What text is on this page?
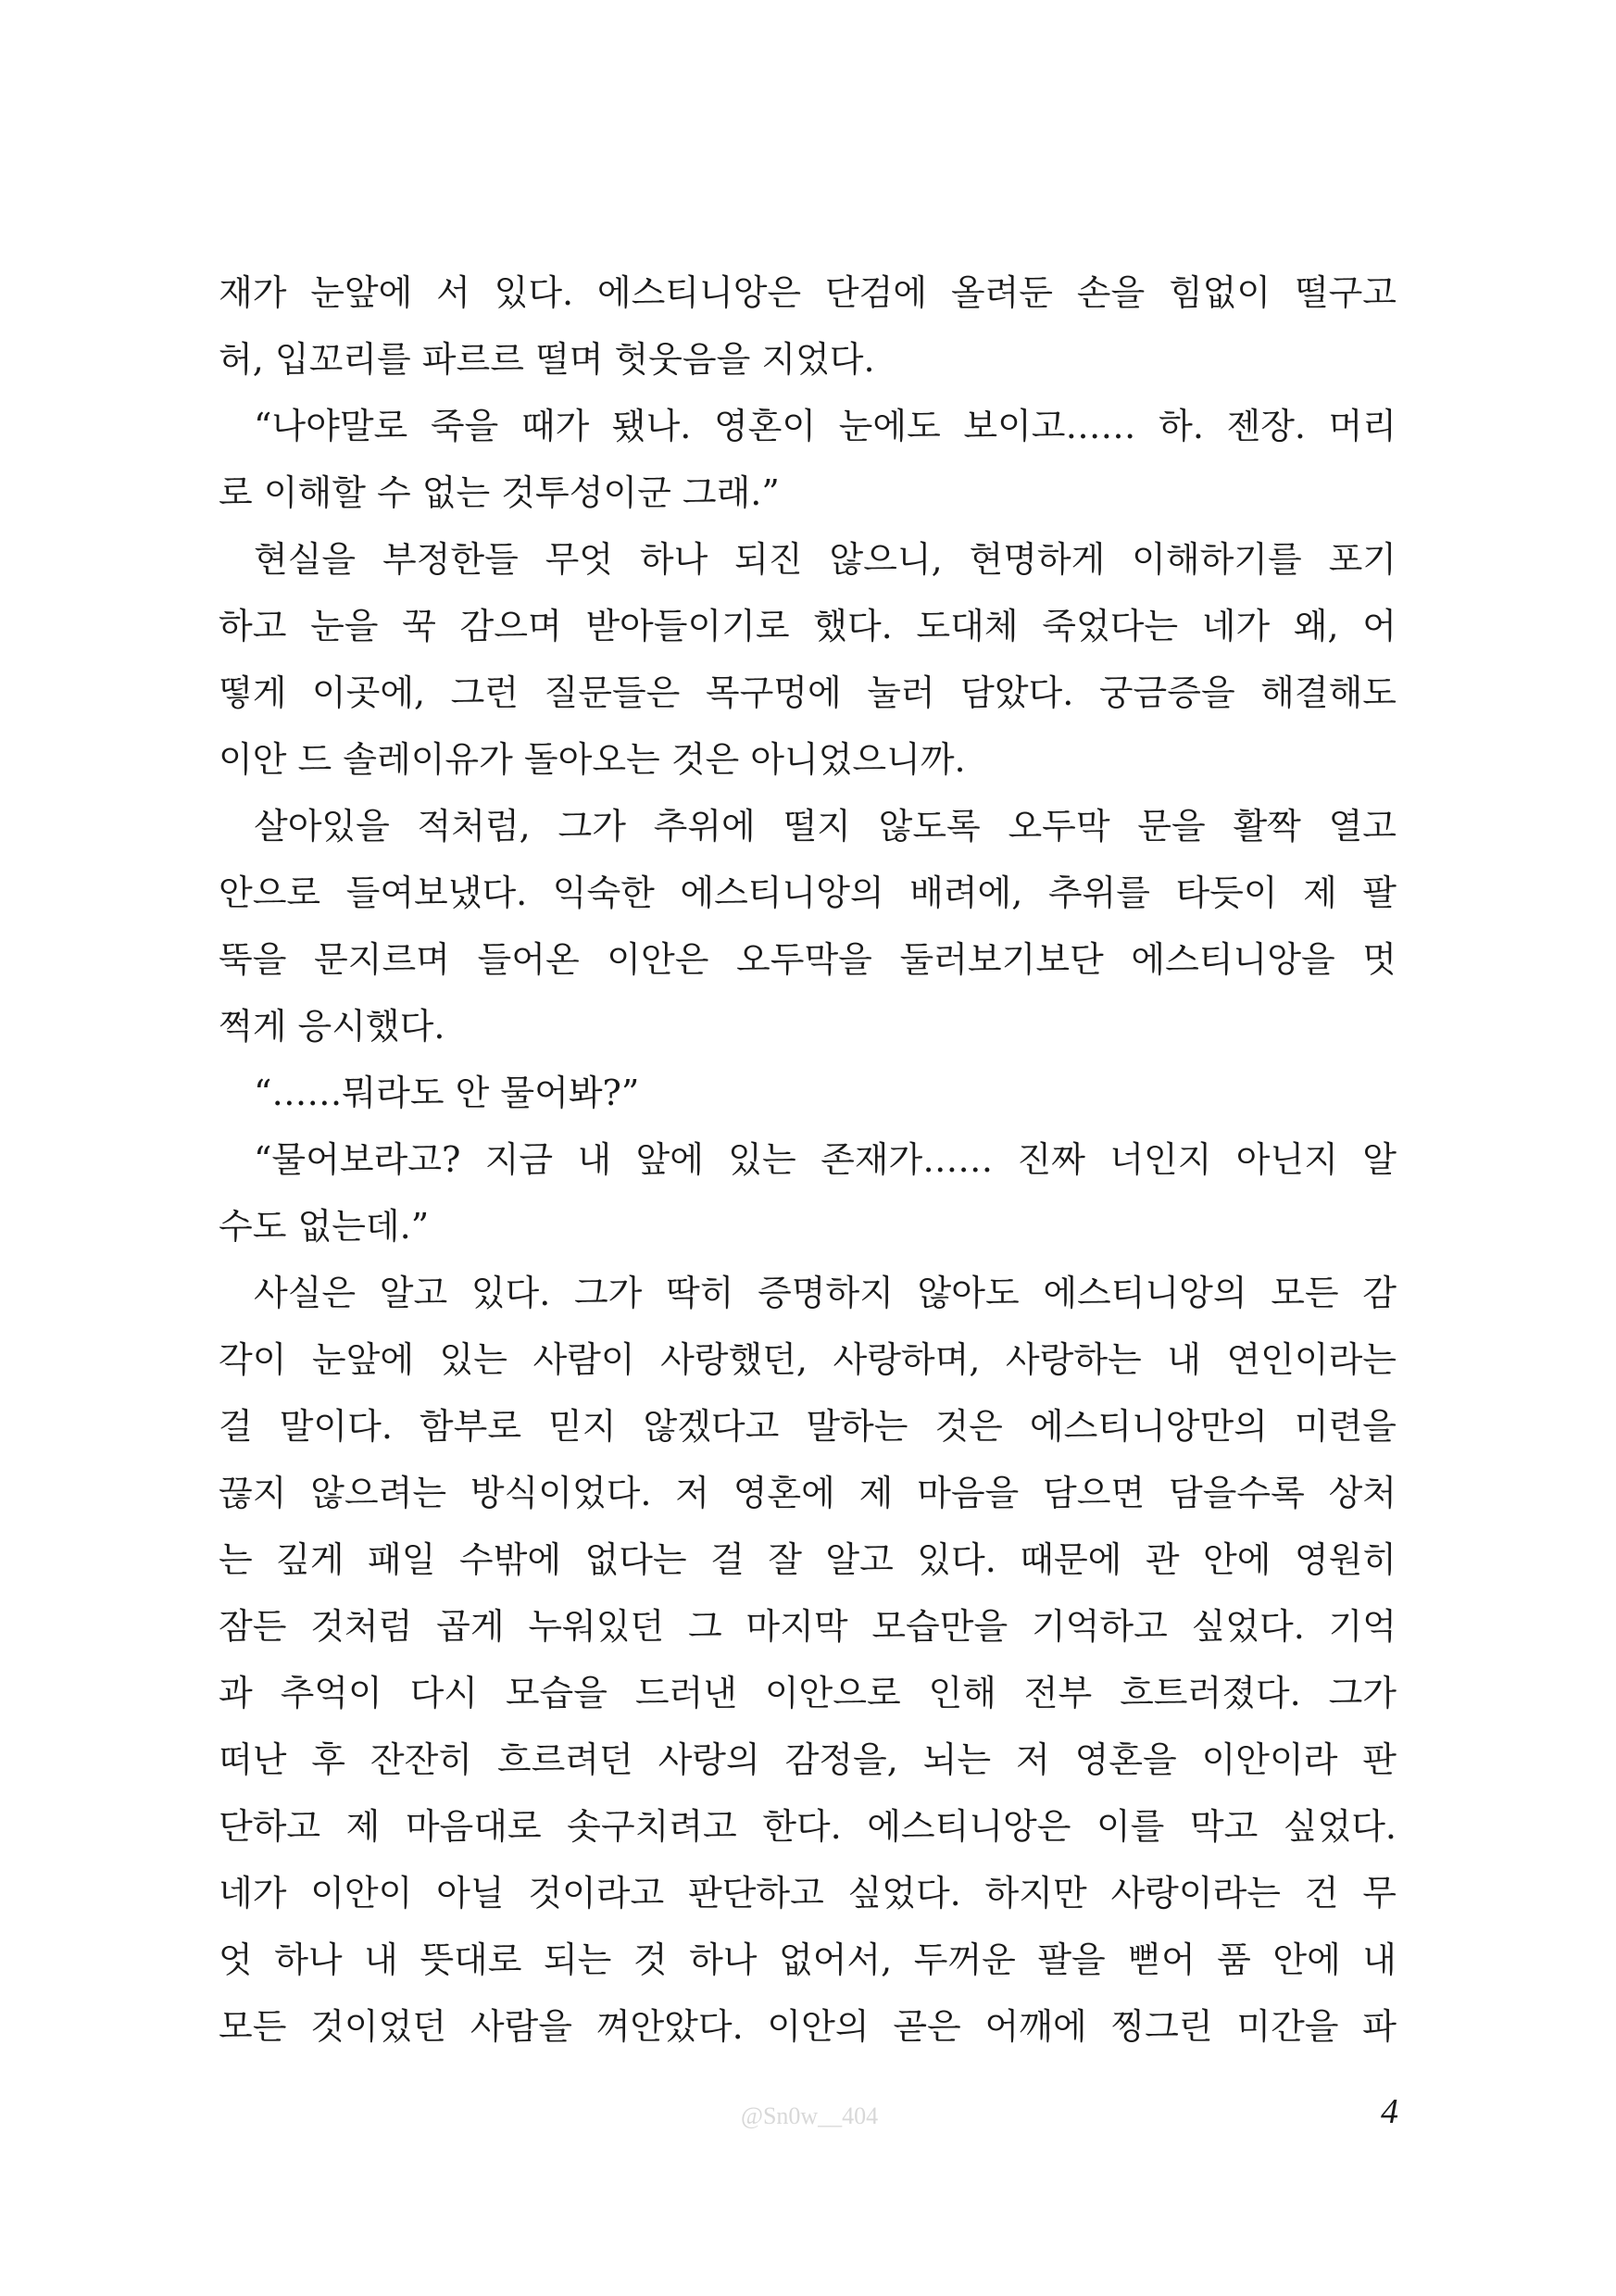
재가 눈앞에 서 있다. 에스티니앙은 단검에 올려둔 손을 힘없이 떨구고
허, 입꼬리를 파르르 떨며 헛웃음을 지었다.
“나야말로 죽을 때가 됐나. 영혼이 눈에도 보이고…… 하. 젠장. 머리
로 이해할 수 없는 것투성이군 그래.”
현실을 부정한들 무엇 하나 되진 않으니, 현명하게 이해하기를 포기
하고 눈을 꾹 감으며 받아들이기로 했다. 도대체 죽었다는 네가 왜, 어
떻게 이곳에, 그런 질문들은 목구멍에 눌러 담았다. 궁금증을 해결해도
이안 드 솔레이유가 돌아오는 것은 아니었으니까.
살아있을 적처럼, 그가 추위에 떨지 않도록 오두막 문을 활짝 열고
안으로 들여보냈다. 익숙한 에스티니앙의 배려에, 추위를 타듯이 제 팔
뚝을 문지르며 들어온 이안은 오두막을 둘러보기보단 에스티니앙을 멋
쩍게 응시했다.
“……뭐라도 안 물어봐?”
“물어보라고? 지금 내 앞에 있는 존재가…… 진짜 너인지 아닌지 알
수도 없는데.”
사실은 알고 있다. 그가 딱히 증명하지 않아도 에스티니앙의 모든 감
각이 눈앞에 있는 사람이 사랑했던, 사랑하며, 사랑하는 내 연인이라는
걸 말이다. 함부로 믿지 않겠다고 말하는 것은 에스티니앙만의 미련을
끊지 않으려는 방식이었다. 저 영혼에 제 마음을 담으면 담을수록 상처
는 깊게 패일 수밖에 없다는 걸 잘 알고 있다. 때문에 관 안에 영원히
잠든 것처럼 곱게 누워있던 그 마지막 모습만을 기억하고 싶었다. 기억
과 추억이 다시 모습을 드러낸 이안으로 인해 전부 흐트러졌다. 그가
떠난 후 잔잔히 흐르려던 사랑의 감정을, 뇌는 저 영혼을 이안이라 판
단하고 제 마음대로 솟구치려고 한다. 에스티니앙은 이를 막고 싶었다.
네가 이안이 아닐 것이라고 판단하고 싶었다. 하지만 사랑이라는 건 무
엇 하나 내 뜻대로 되는 것 하나 없어서, 두꺼운 팔을 뻗어 품 안에 내
모든 것이었던 사람을 껴안았다. 이안의 곧은 어깨에 찡그린 미간을 파
@Sn0w__404	4
